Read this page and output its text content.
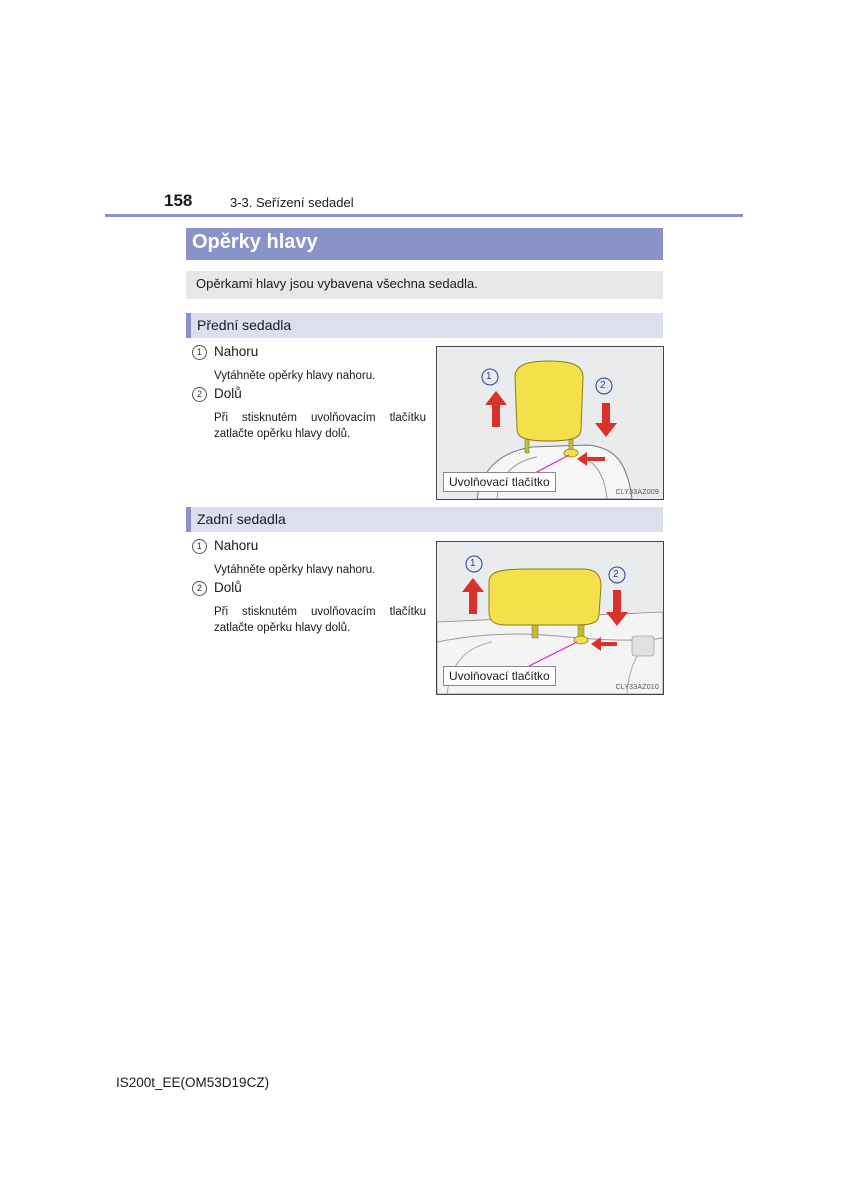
158	3-3. Seřízení sedadel
Opěrky hlavy
Opěrkami hlavy jsou vybavena všechna sedadla.
Přední sedadla
1 Nahoru
Vytáhněte opěrky hlavy nahoru.
2 Dolů
Při stisknutém uvolňovacím tlačítku zatlačte opěrku hlavy dolů.
1
2
Uvolňovací tlačítko
CLY33AZ009
Zadní sedadla
1 Nahoru
Vytáhněte opěrky hlavy nahoru.
2 Dolů
Při stisknutém uvolňovacím tlačítku zatlačte opěrku hlavy dolů.
1
2
Uvolňovací tlačítko
CLY33AZ010
IS200t_EE(OM53D19CZ)
